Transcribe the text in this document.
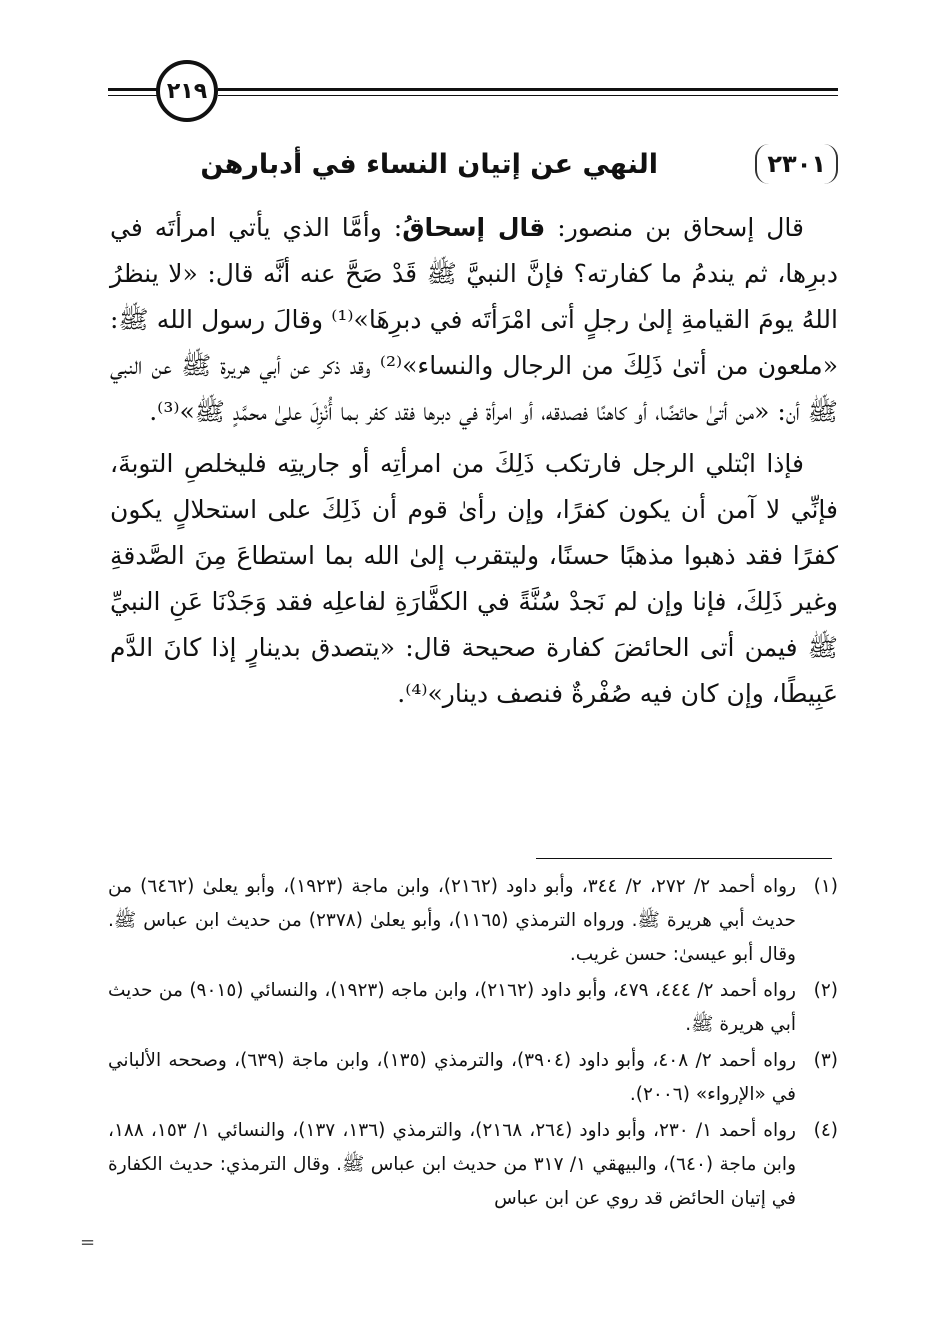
٢١٩
٢٣٠١
النهي عن إتيان النساء في أدبارهن

قال إسحاق بن منصور: قال إسحاقُ: وأمَّا الذي يأتي امرأتَه في دبرِها، ثم يندمُ ما كفارته؟ فإنَّ النبيَّ ﷺ قَدْ صَحَّ عنه أنَّه قال: «لا ينظرُ اللهُ يومَ القيامةِ إلىٰ رجلٍ أتى امْرَأتَه في دبرِهَا»⁽¹⁾ وقالَ رسول الله ﷺ: «ملعون من أتىٰ ذَلِكَ من الرجال والنساء»⁽²⁾ وقد ذكر عن أبي هريرة ﷺ عن النبي ﷺ أن: «من أتىٰ حائضًا، أو كاهنًا فصدقه، أو امرأة في دبرها فقد كفر بما أُنْزِلَ علىٰ محمَّدٍ ﷺ»⁽³⁾.

فإذا ابْتلي الرجل فارتكب ذَلِكَ من امرأتِه أو جاريتِه فليخلصِ التوبةَ، فإنِّي لا آمن أن يكون كفرًا، وإن رأىٰ قوم أن ذَلِكَ على استحلالٍ يكون كفرًا فقد ذهبوا مذهبًا حسنًا، وليتقرب إلىٰ الله بما استطاعَ مِنَ الصَّدقةِ وغير ذَلِكَ، فإنا وإن لم نَجدْ سُنَّةً في الكفَّارَةِ لفاعلِه فقد وَجَدْنَا عَنِ النبيِّ ﷺ فيمن أتى الحائضَ كفارة صحيحة قال: «يتصدق بدينارٍ إذا كانَ الدَّم عَبِيطًا، وإن كان فيه صُفْرةٌ فنصف دينار»⁽⁴⁾.

(١)
رواه أحمد ٢/ ٢٧٢، ٢/ ٣٤٤، وأبو داود (٢١٦٢)، وابن ماجة (١٩٢٣)، وأبو يعلىٰ (٦٤٦٢) من حديث أبي هريرة ﷺ. ورواه الترمذي (١١٦٥)، وأبو يعلىٰ (٢٣٧٨) من حديث ابن عباس ﷺ. وقال أبو عيسىٰ: حسن غريب.
(٢)
رواه أحمد ٢/ ٤٤٤، ٤٧٩، وأبو داود (٢١٦٢)، وابن ماجه (١٩٢٣)، والنسائي (٩٠١٥) من حديث أبي هريرة ﷺ.
(٣)
رواه أحمد ٢/ ٤٠٨، وأبو داود (٣٩٠٤)، والترمذي (١٣٥)، وابن ماجة (٦٣٩)، وصححه الألباني في «الإرواء» (٢٠٠٦).
(٤)
رواه أحمد ١/ ٢٣٠، وأبو داود (٢٦٤، ٢١٦٨)، والترمذي (١٣٦، ١٣٧)، والنسائي ١/ ١٥٣، ١٨٨، وابن ماجة (٦٤٠)، والبيهقي ١/ ٣١٧ من حديث ابن عباس ﷺ. وقال الترمذي: حديث الكفارة في إتيان الحائض قد روي عن ابن عباس
=
